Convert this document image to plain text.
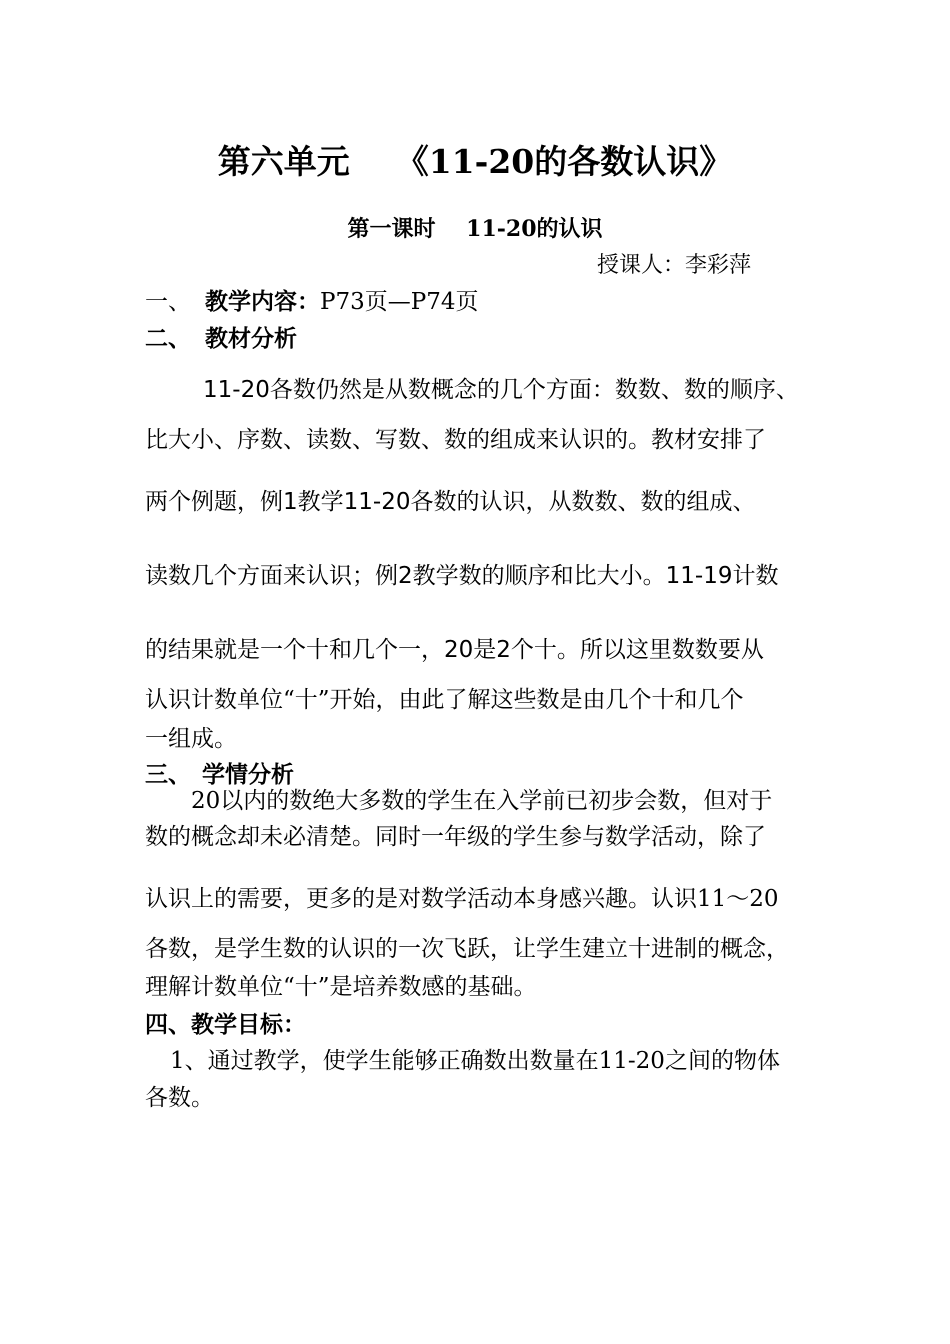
第六单元    《11-20的各数认识》
第一课时    11-20的认识
授课人：李彩萍
一、 教学内容：P73页—P74页
二、 教材分析
11-20各数仍然是从数概念的几个方面：数数、数的顺序、
比大小、序数、读数、写数、数的组成来认识的。教材安排了
两个例题，例1教学11-20各数的认识，从数数、数的组成、
读数几个方面来认识；例2教学数的顺序和比大小。11-19计数
的结果就是一个十和几个一，20是2个十。所以这里数数要从
认识计数单位“十”开始，由此了解这些数是由几个十和几个
一组成。
三、 学情分析
20以内的数绝大多数的学生在入学前已初步会数，但对于
数的概念却未必清楚。同时一年级的学生参与数学活动，除了
认识上的需要，更多的是对数学活动本身感兴趣。认识11～20
各数，是学生数的认识的一次飞跃，让学生建立十进制的概念，
理解计数单位“十”是培养数感的基础。
四、教学目标：
1、通过教学，使学生能够正确数出数量在11-20之间的物体
各数。
